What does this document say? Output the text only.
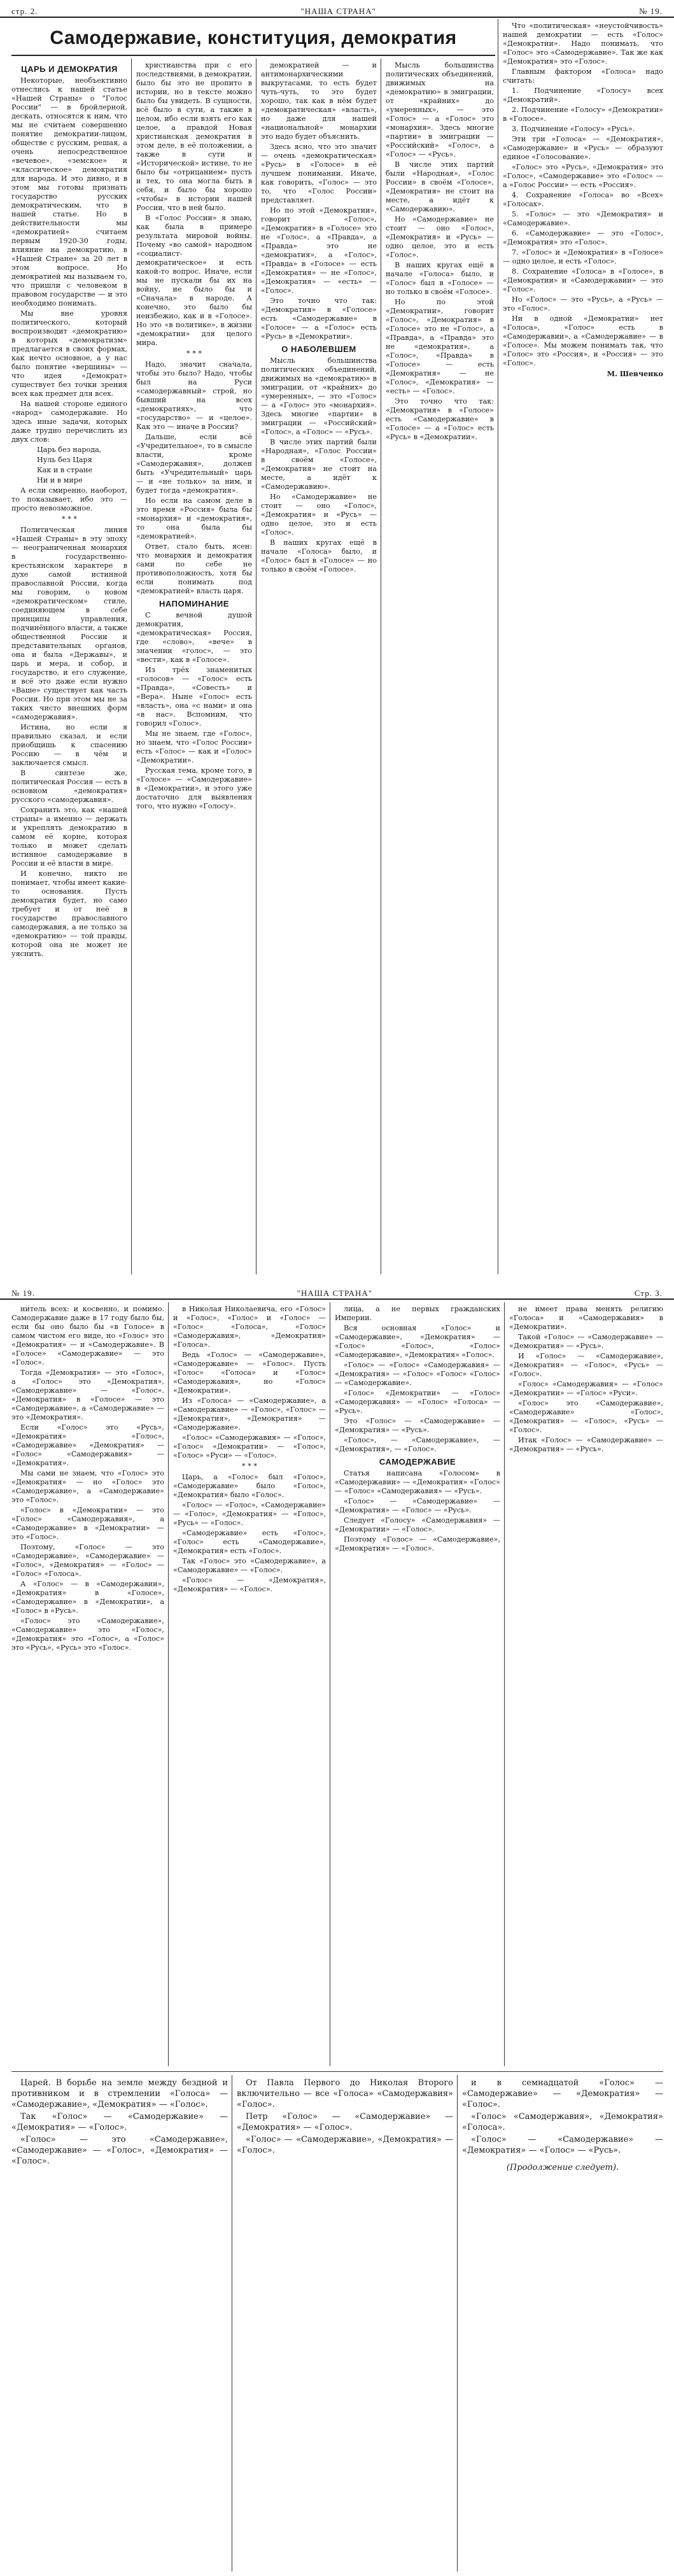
стр. 2.	"НАША СТРАНА"	№ 19.
Самодержавие, конституция, демократия
ЦАРЬ И ДЕМОКРАТИЯ

Некоторые, необъективно отнеслись к нашей статье «Нашей Страны» о "Голос России" — в бройлерной, дескать, относятся к ним, что мы не считаем совершенно понятие демократии-лицом, обществе с русским, решая, а очень непосредственное «вечевое», «земское» и «классическое» демократия для народа. И это дивно, и в этом мы готовы признать государство русских демократическим, что в нашей статье. Но в действительности мы «демократией» считаем первым 1920-30 годы, влияние на демократию, в «Нашей Стране» за 20 лет в этом вопросе. Но демократией мы называем то, что пришли с человеком в правовом государстве — и это необходимо понимать.

Мы вне уровня политического, который воспроизводит «демократию» в которых «демократизм» предлагается в своих формах, как нечто основное, а у нас было понятие «вершины» — что идея «Демократ» существует без точки зрения всех как предмет для всех.

На нашей стороне единого «народ» самодержавие. Но здесь иные задачи, которых даже трудно перечислить из двух слов:

Царь без народа,

Нуль без Царя

Как и в стране

Ни и в мире

А если смиренно, наоборот, то показывает, ибо это — просто невозможное.

* * *

Политическая линия «Нашей Страны» в эту эпоху — неограниченная монархия в государственно-крестьянском характере в духе самой истинной православной России, когда мы говорим, о новом «демократическом» стиле, соединяющем в себе принципы управления, подчинённого власти, а также общественной России и представительных органов, она и была «Державы», и царь и мера, и собор, и государство, и его служение, и всё это даже если нужно «Ваше» существует как часть России. Но при этом мы не за таких чисто внешних форм «самодержавия».

Истина, но если я правильно сказал, и если приобщишь к спасению Россию — в чём и заключается смысл.

В синтезе же, политическая Россия — есть в основном «демократия» русского «самодержавия».

Сохранить это, как «нашей страны» а именно — держать и укреплять демократию в самом её корне, которая только и может сделать истинное самодержавие в России и её власти в мире.

И конечно, никто не понимает, чтобы имеет какие-то основания. Пусть демократия будет, но само требует и от неё в государстве православного самодержавия, а не только за «демократию» — той правды, которой она не может не уяснить.

христианства при с его последствиями, в демократии, было бы это не пропито в истории, но в тексте можно было бы увидеть. В сущности, всё было в сути, а также в целом, ибо если взять его как целое, а правдой Новая христианская демократия в этом деле, в её положении, а также в сути и «Исторической» истине, то не было бы «отрицанием» пусть и тех, то она могла быть в себя, и было бы хорошо «чтобы» в истории нашей России, что в ней было.

В «Голос России» я знаю, как была в примере результата мировой войны. Почему «во самой» народном «социалист-демократическое» и есть какой-то вопрос. Иначе, если мы не пускали бы их на войну, не было бы и «Сначала» в народе. А конечно, это было бы неизбежно, как и в «Голосе». Но это «в политике», в жизни «демократии» для целого мира.

* * *

Надо, значит сначала, чтобы это было? Надо, чтобы был на Руси «самодержавный» строй, но бывший на всех «демократиях», что «государство» — и «целое». Как это — иначе в России?

Дальше, если всё «Учредительное», то в смысле власти, кроме «Самодержавия», должен быть «Учредительный» царь — и «не только» за ним, и будет тогда «демократия».

Но если на самом деле в это время «Россия» была бы «монархия» и «демократия», то она была бы «демократией».

Ответ, стало быть, ясен: что монархия и демократия сами по себе не противоположность, хотя бы если понимать под «демократией» власть царя.

НАПОМИНАНИЕ

С вечной душой демократия, «демократическая» Россия, где «слово», «вече» в значении «голос», — это «вести», как в «Голосе».

Из трёх знаменитых «голосов» — «Голос» есть «Правда», «Совесть» и «Вера». Ныне «Голос» есть «власть», она «с нами» и она «в нас». Вспомним, что говорил «Голос».

Мы не знаем, где «Голос», но знаем, что «Голос России» есть «Голос» — как и «Голос» «Демократии».

Русская тема, кроме того, в «Голосе» — «Самодержавие» в «Демократии», и этого уже достаточно для выявления того, что нужно «Голосу».

демократией — и антимонархическими выкрутасами, то есть будет чуть-чуть, то это будет хорошо, так как в нём будет «демократическая» «власть», но даже для нашей «национальной» монархии это надо будет объяснить.

Здесь ясно, что это значит — очень «демократическая» «Русь» в «Голосе» в её лучшем понимании. Иначе, как говорить, «Голос» — это то, что «Голос России» представляет.

Но по этой «Демократии», говорит «Голос», «Демократия» в «Голосе» это не «Голос», а «Правда», а «Правда» это не «демократия», а «Голос», «Правда» в «Голосе» — есть «Демократия» — не «Голос», «Демократия» — «есть» — «Голос».

Это точно что так: «Демократия» в «Голосе» есть «Самодержавие» в «Голосе» — а «Голос» есть «Русь» в «Демократии».

О НАБОЛЕВШЕМ

Мысль большинства политических объединений, движимых на «демократию» в эмиграции, от «крайних» до «умеренных», — это «Голос» — а «Голос» это «монархия». Здесь многие «партии» в эмиграции — «Российский» «Голос», а «Голос» — «Русь».

В числе этих партий были «Народная», «Голос России» в своём «Голосе», «Демократия» не стоит на месте, а идёт к «Самодержавию».

Но «Самодержавие» не стоит — оно «Голос», «Демократия» и «Русь» — одно целое, это и есть «Голос».

В наших кругах ещё в начале «Голоса» было, и «Голос» был в «Голосе» — но только в своём «Голосе».

Что «политическая» «неустойчивость» нашей демократии — есть «Голос» «Демократии». Надо понимать, что «Голос» это «Самодержавие». Так же как «Демократия» это «Голос».

Главным фактором «Голоса» надо считать:

1. Подчинение «Голосу» всех «Демократий».

2. Подчинение «Голосу» «Демократии» в «Голосе».

3. Подчинение «Голосу» «Русь».

Эти три «Голоса» — «Демократия», «Самодержавие» и «Русь» — образуют единое «Голосование».

«Голос» это «Русь», «Демократия» это «Голос», «Самодержавие» это «Голос» — а «Голос России» — есть «Россия».

4. Сохранение «Голоса» во «Всех» «Голосах».

5. «Голос» — это «Демократия» и «Самодержавие».

6. «Самодержавие» — это «Голос», «Демократия» это «Голос».

7. «Голос» и «Демократия» в «Голосе» — одно целое, и есть «Голос».

8. Сохранение «Голоса» в «Голосе», в «Демократии» и «Самодержавии» — это «Голос».

Но «Голос» — это «Русь», а «Русь» — это «Голос».

Ни в одной «Демократии» нет «Голоса», «Голос» есть в «Самодержавии», а «Самодержавие» — в «Голосе». Мы можем понимать так, что «Голос» это «Россия», и «Россия» — это «Голос».

М. Шевченко

Мысль большинства политических объединений, движимых на «демократию» в эмиграции, от «крайних» до «умеренных», — это «Голос» — а «Голос» это «монархия». Здесь многие «партии» в эмиграции — «Российский» «Голос», а «Голос» — «Русь».

В числе этих партий были «Народная», «Голос России» в своём «Голосе», «Демократия» не стоит на месте, а идёт к «Самодержавию».

Но «Самодержавие» не стоит — оно «Голос», «Демократия» и «Русь» — одно целое, это и есть «Голос».

В наших кругах ещё в начале «Голоса» было, и «Голос» был в «Голосе» — но только в своём «Голосе».

Но по этой «Демократии», говорит «Голос», «Демократия» в «Голосе» это не «Голос», а «Правда», а «Правда» это не «демократия», а «Голос», «Правда» в «Голосе» — есть «Демократия» — не «Голос», «Демократия» — «есть» — «Голос».

Это точно что так: «Демократия» в «Голосе» есть «Самодержавие» в «Голосе» — а «Голос» есть «Русь» в «Демократии».

№ 19.	"НАША СТРАНА"	Стр. 3.

нитель всех: и косвенно, и помимо. Самодержавие даже в 17 году было бы, если бы оно было бы «в Голосе» в самом чистом его виде, но «Голос» это «Демократия» — и «Самодержавие». В «Голосе» «Самодержавие» — это «Голос».

Тогда «Демократия» — это «Голос», а «Голос» это «Демократия», «Самодержавие» — «Голос». «Демократия» в «Голосе» — это «Самодержавие», а «Самодержавие» — это «Демократия».

Если «Голос» это «Русь», «Демократия» «Голос», «Самодержавие» «Демократия» — «Голос» «Самодержавия» — «Демократия».

Мы сами не знаем, что «Голос» это «Демократия» — но «Голос» это «Самодержавие», а «Самодержавие» это «Голос».

«Голос» в «Демократии» — это «Голос» «Самодержавия», а «Самодержавие» в «Демократии» — это «Голос».

Поэтому, «Голос» — это «Самодержавие», «Самодержавие» — «Голос», «Демократия» — «Голос» — «Голос» «Голоса».

А «Голос» — в «Самодержавии», «Демократия» в «Голосе», «Самодержавие» в «Демократии», а «Голос» в «Русь».

«Голос» это «Самодержавие», «Самодержавие» это «Голос», «Демократия» это «Голос», а «Голос» это «Русь», «Русь» это «Голос».

в Николая Николаевича, его «Голос» и «Голос», «Голос» и «Голос» — «Голос» «Голоса», «Голос» «Самодержавия», «Демократия» «Голоса».

Ведь «Голос» — «Самодержавие», «Самодержавие» — «Голос». Пусть «Голос» «Голоса» и «Голос» «Самодержавия», но «Голос» «Демократии».

Из «Голоса» — «Самодержавие», а «Самодержавие» — «Голос», «Голос» — «Демократия», «Демократия» — «Самодержавие».

«Голос» «Самодержавия» — «Голос», «Голос» «Демократии» — «Голос», «Голос» «Руси» — «Голос».

* * *

Царь, а «Голос» был «Голос», «Самодержавие» было «Голос», «Демократия» было «Голос».

«Голос» — «Голос», «Самодержавие» — «Голос», «Демократия» — «Голос», «Русь» — «Голос».

«Самодержавие» есть «Голос», «Голос» есть «Самодержавие», «Демократия» есть «Голос».

Так «Голос» это «Самодержавие», а «Самодержавие» — «Голос».

«Голос» — «Демократия», «Демократия» — «Голос».

лица, а не первых гражданских Империи.

Вся основная «Голос» и «Самодержавие», «Демократия» — «Голос» «Голос», «Голос» «Самодержавие», «Демократия» «Голос».

«Голос» — «Голос» «Самодержавия» — «Демократия» — «Голос» «Голос» «Голос» — «Самодержавие».

«Голос» «Демократии» — «Голос» «Самодержавия» — «Голос» «Голоса» — «Русь».

Это «Голос» — «Самодержавие» — «Демократия» — «Русь».

«Голос», — «Самодержавие», — «Демократия», — «Голос».

САМОДЕРЖАВИЕ

Статья написана «Голосом» в «Самодержавии» — «Демократия» «Голос» — «Голос» «Самодержавия» — «Русь».

«Голос» — «Самодержавие» — «Демократия» — «Голос» — «Русь».

Следует «Голосу» «Самодержавия» — «Демократии» — «Голос».

Поэтому «Голос» — «Самодержавие», «Демократия» — «Голос».

не имеет права менять религию «Голоса» и «Самодержавия» в «Демократии».

Такой «Голос» — «Самодержавие» — «Демократия» — «Русь».

И «Голос» — «Самодержавие», «Демократия» — «Голос», «Русь» — «Голос».

«Голос» «Самодержавия» — «Голос» «Демократии» — «Голос» «Руси».

«Голос» это «Самодержавие», «Самодержавие» «Голос», «Демократия» — «Голос», «Русь» — «Голос».

Итак «Голос» — «Самодержавие» — «Демократия» — «Русь».

Царей. В борьбе на земле между бездной и противником и в стремлении «Голоса» — «Самодержавие», «Демократия» — «Голос».

Так «Голос» — «Самодержавие» — «Демократия» — «Голос».

«Голос» — это «Самодержавие», «Самодержавие» — «Голос», «Демократия» — «Голос».

От Павла Первого до Николая Второго включительно — все «Голоса» «Самодержавия» «Голос».

Петр «Голос» — «Самодержавие» — «Демократия» — «Голос».

«Голос» — «Самодержавие», «Демократия» — «Голос».

и в семнадцатой «Голос» — «Самодержавие» — «Демократия» — «Голос».

«Голос» «Самодержавия», «Демократия» «Голоса».

«Голос» — «Самодержавие» — «Демократия» — «Голос» — «Русь».

(Продолжение следует).
